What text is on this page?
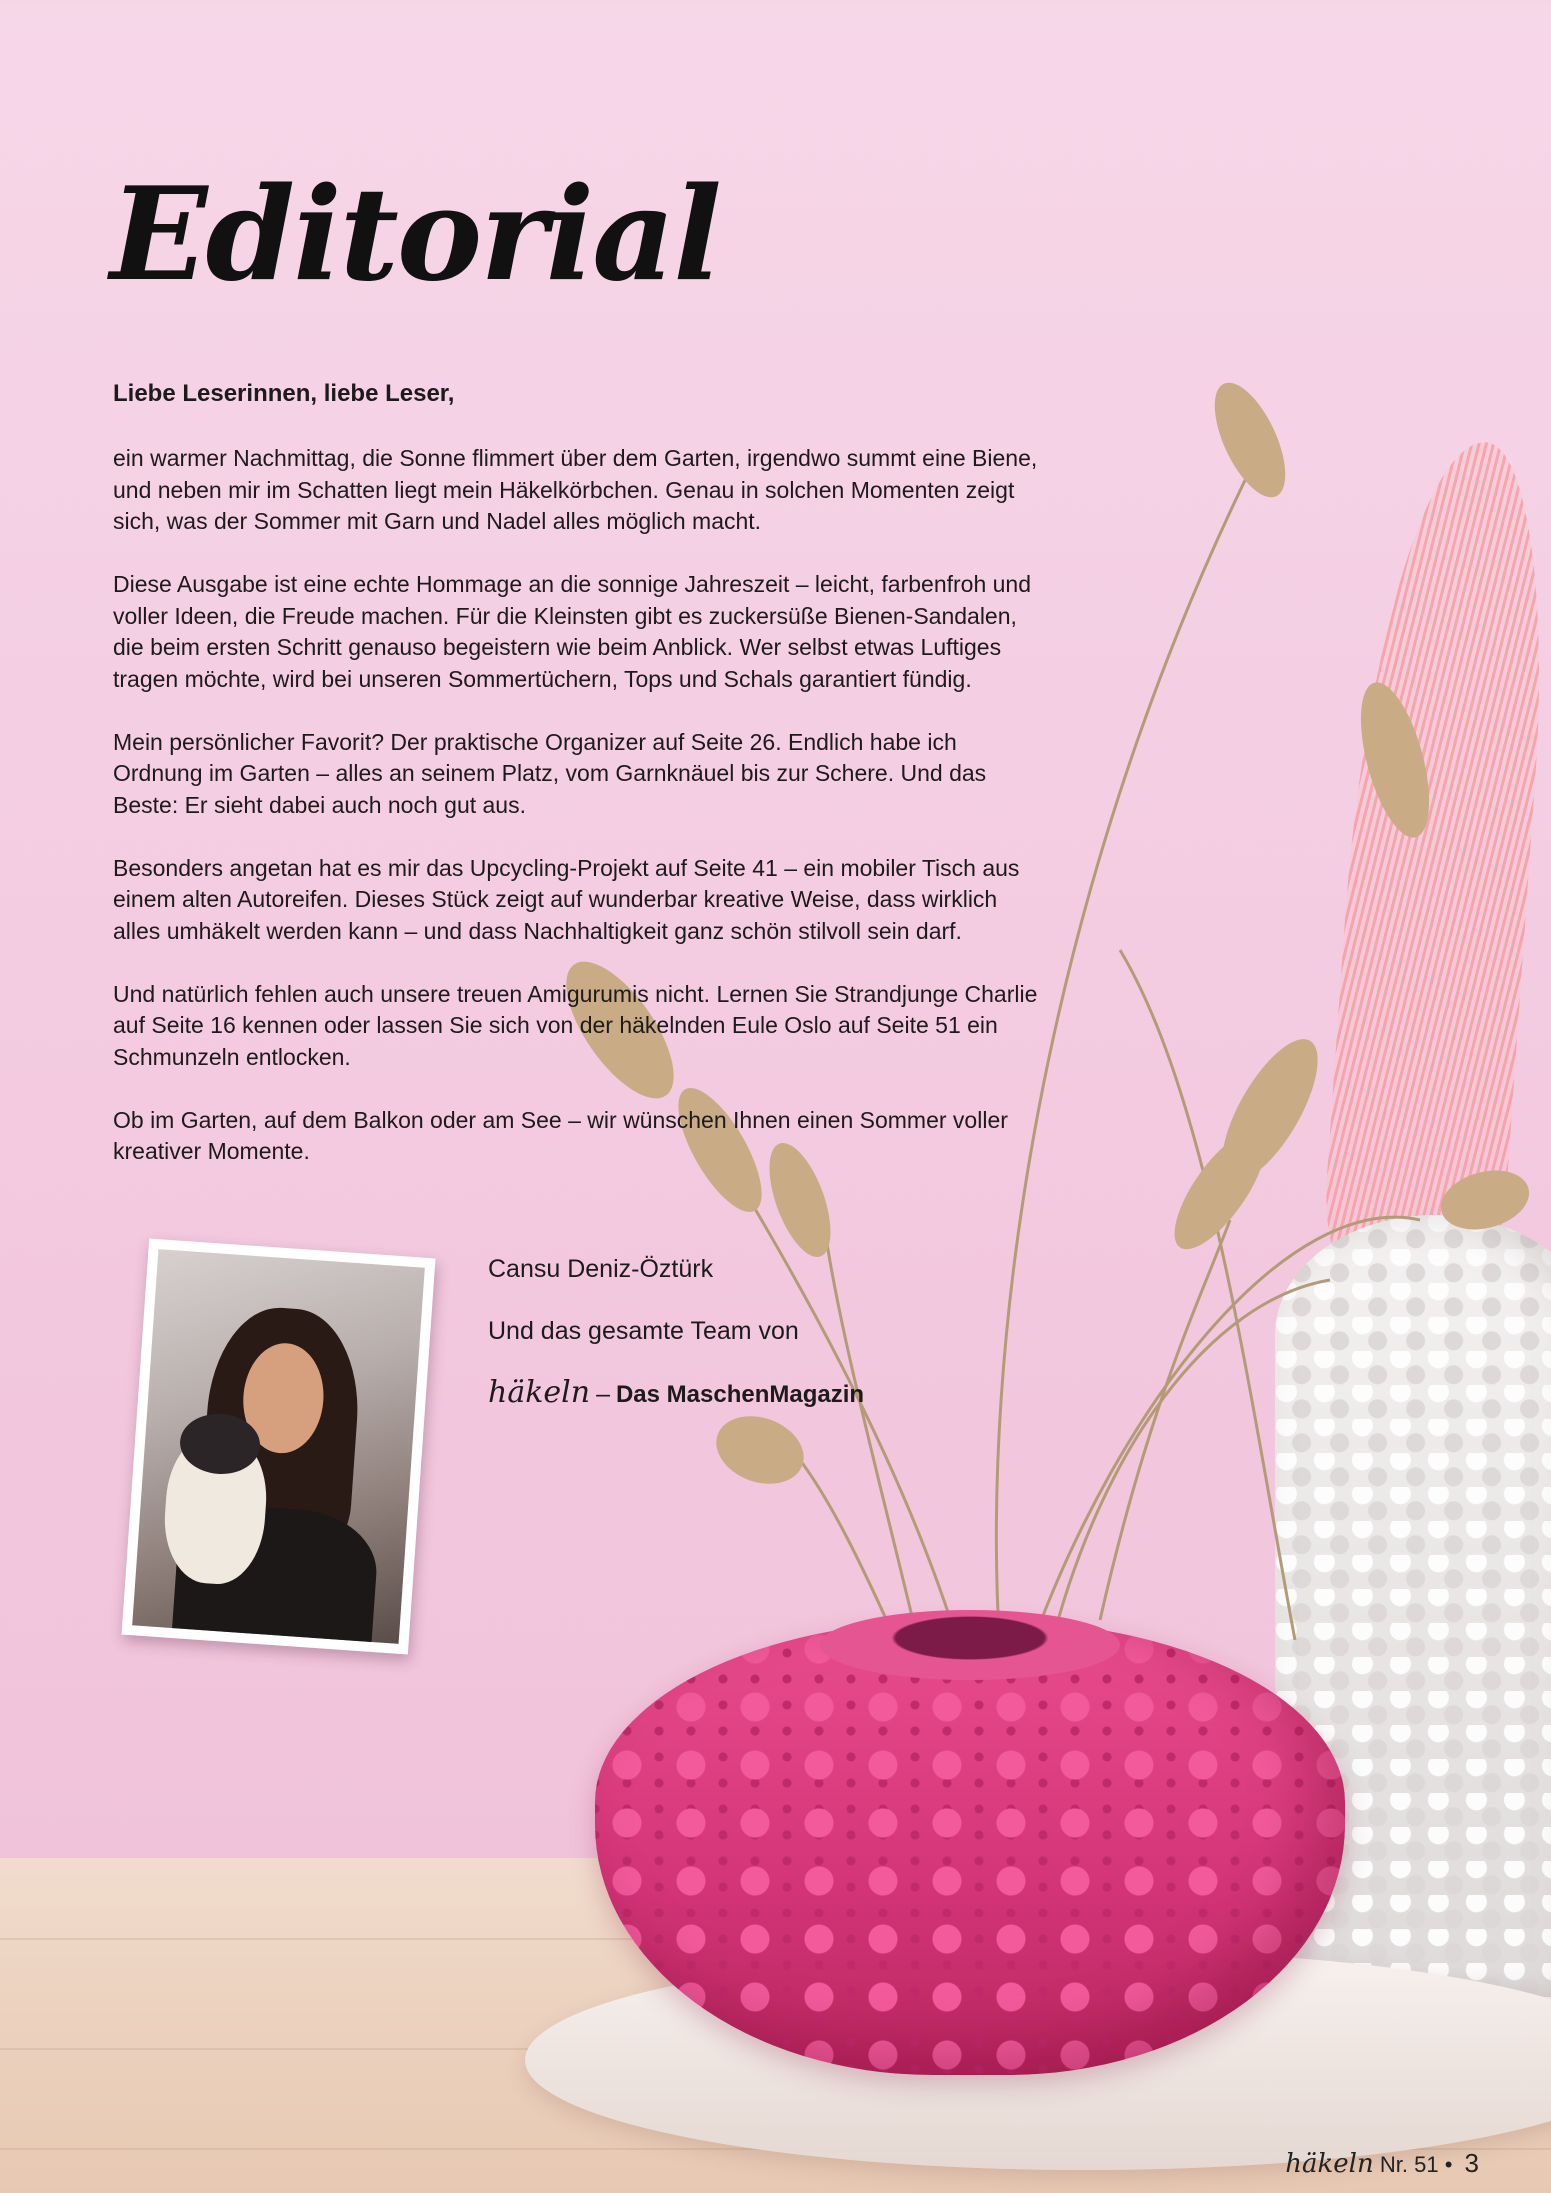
Editorial
Liebe Leserinnen, liebe Leser,

ein warmer Nachmittag, die Sonne flimmert über dem Garten, irgendwo summt eine Biene, und neben mir im Schatten liegt mein Häkelkörbchen. Genau in solchen Momenten zeigt sich, was der Sommer mit Garn und Nadel alles möglich macht.

Diese Ausgabe ist eine echte Hommage an die sonnige Jahreszeit – leicht, farbenfroh und voller Ideen, die Freude machen. Für die Kleinsten gibt es zuckersüße Bienen-Sandalen, die beim ersten Schritt genauso begeistern wie beim Anblick. Wer selbst etwas Luftiges tragen möchte, wird bei unseren Sommertüchern, Tops und Schals garantiert fündig.

Mein persönlicher Favorit? Der praktische Organizer auf Seite 26. Endlich habe ich Ordnung im Garten – alles an seinem Platz, vom Garnknäuel bis zur Schere. Und das Beste: Er sieht dabei auch noch gut aus.

Besonders angetan hat es mir das Upcycling-Projekt auf Seite 41 – ein mobiler Tisch aus einem alten Autoreifen. Dieses Stück zeigt auf wunderbar kreative Weise, dass wirklich alles umhäkelt werden kann – und dass Nachhaltigkeit ganz schön stilvoll sein darf.

Und natürlich fehlen auch unsere treuen Amigurumis nicht. Lernen Sie Strandjunge Charlie auf Seite 16 kennen oder lassen Sie sich von der häkelnden Eule Oslo auf Seite 51 ein Schmunzeln entlocken.

Ob im Garten, auf dem Balkon oder am See – wir wünschen Ihnen einen Sommer voller kreativer Momente.

Cansu Deniz-Öztürk
Und das gesamte Team von
häkeln – Das MaschenMagazin
häkeln Nr. 51 • 3
